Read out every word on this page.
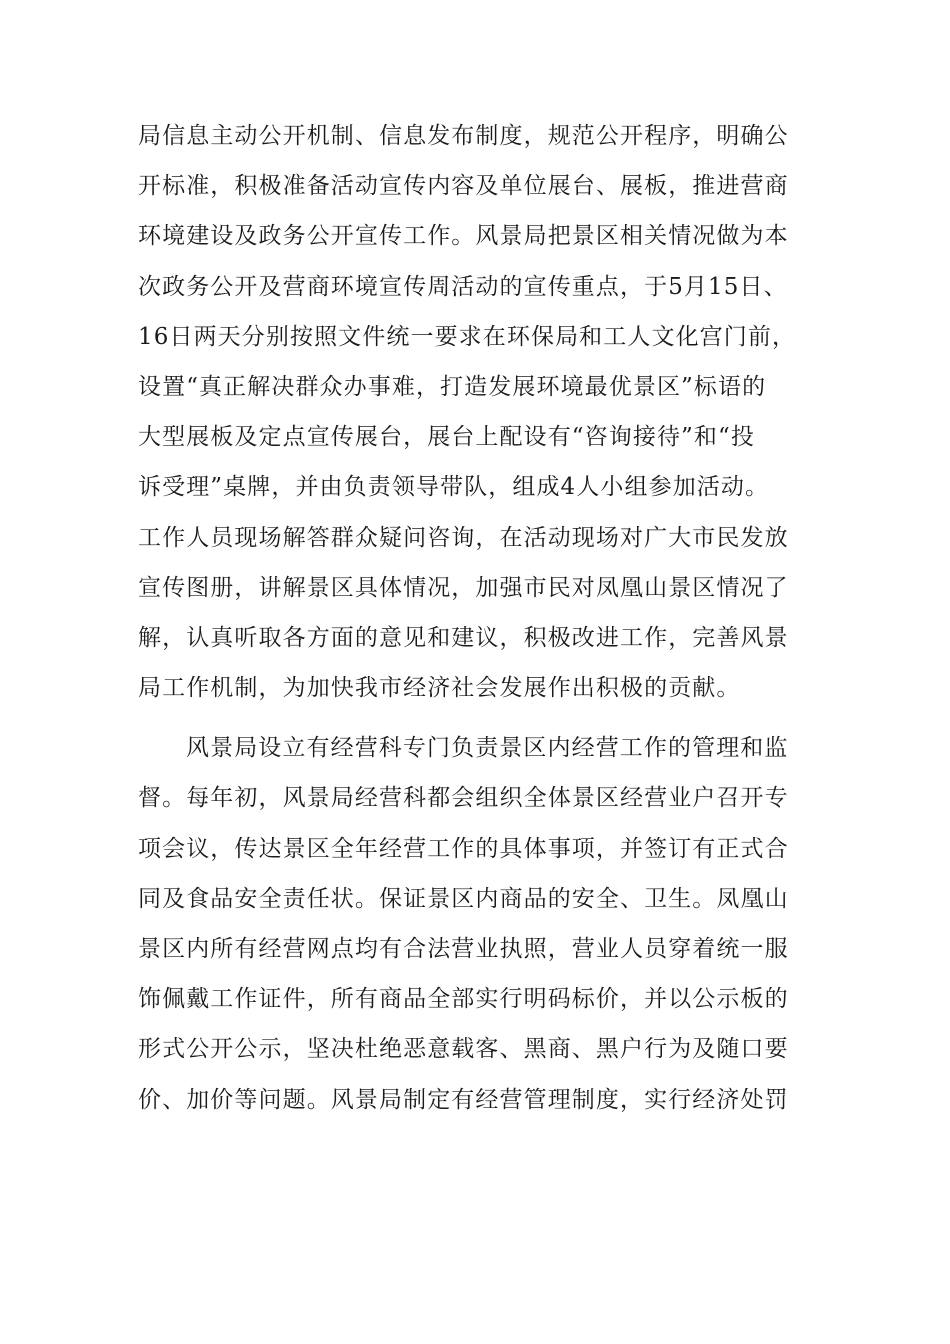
局信息主动公开机制、信息发布制度，规范公开程序，明确公
开标准，积极准备活动宣传内容及单位展台、展板，推进营商
环境建设及政务公开宣传工作。风景局把景区相关情况做为本
次政务公开及营商环境宣传周活动的宣传重点，于5月15日、
16日两天分别按照文件统一要求在环保局和工人文化宫门前，
设置“真正解决群众办事难，打造发展环境最优景区”标语的
大型展板及定点宣传展台，展台上配设有“咨询接待”和“投
诉受理”桌牌，并由负责领导带队，组成4人小组参加活动。
工作人员现场解答群众疑问咨询，在活动现场对广大市民发放
宣传图册，讲解景区具体情况，加强市民对凤凰山景区情况了
解，认真听取各方面的意见和建议，积极改进工作，完善风景
局工作机制，为加快我市经济社会发展作出积极的贡献。
风景局设立有经营科专门负责景区内经营工作的管理和监
督。每年初，风景局经营科都会组织全体景区经营业户召开专
项会议，传达景区全年经营工作的具体事项，并签订有正式合
同及食品安全责任状。保证景区内商品的安全、卫生。凤凰山
景区内所有经营网点均有合法营业执照，营业人员穿着统一服
饰佩戴工作证件，所有商品全部实行明码标价，并以公示板的
形式公开公示，坚决杜绝恶意载客、黑商、黑户行为及随口要
价、加价等问题。风景局制定有经营管理制度，实行经济处罚
